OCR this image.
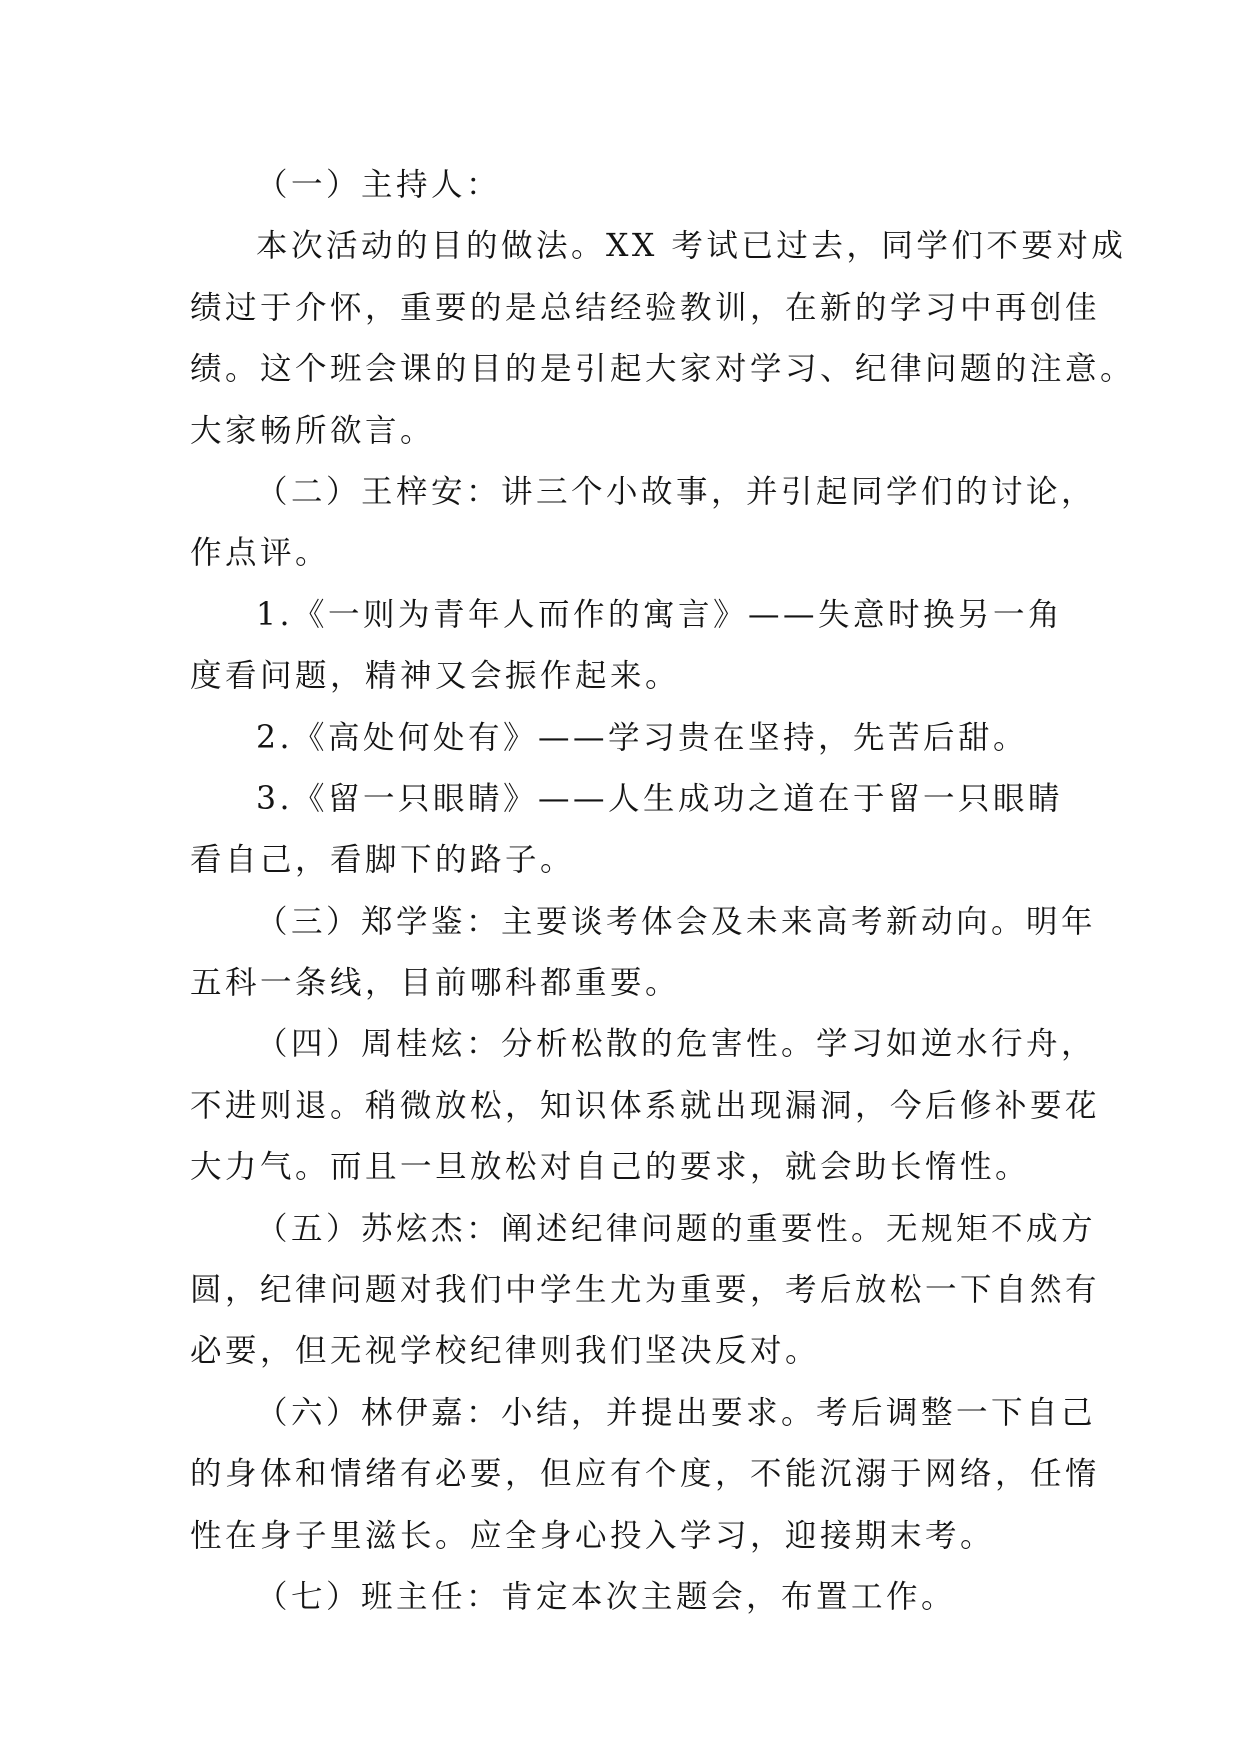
（一）主持人：
本次活动的目的做法。XX 考试已过去，同学们不要对成
绩过于介怀，重要的是总结经验教训，在新的学习中再创佳
绩。这个班会课的目的是引起大家对学习、纪律问题的注意。
大家畅所欲言。
（二）王梓安：讲三个小故事，并引起同学们的讨论，
作点评。
1.《一则为青年人而作的寓言》——失意时换另一角
度看问题，精神又会振作起来。
2.《高处何处有》——学习贵在坚持，先苦后甜。
3.《留一只眼睛》——人生成功之道在于留一只眼睛
看自己，看脚下的路子。
（三）郑学鉴：主要谈考体会及未来高考新动向。明年
五科一条线，目前哪科都重要。
（四）周桂炫：分析松散的危害性。学习如逆水行舟，
不进则退。稍微放松，知识体系就出现漏洞，今后修补要花
大力气。而且一旦放松对自己的要求，就会助长惰性。
（五）苏炫杰：阐述纪律问题的重要性。无规矩不成方
圆，纪律问题对我们中学生尤为重要，考后放松一下自然有
必要，但无视学校纪律则我们坚决反对。
（六）林伊嘉：小结，并提出要求。考后调整一下自己
的身体和情绪有必要，但应有个度，不能沉溺于网络，任惰
性在身子里滋长。应全身心投入学习，迎接期末考。
（七）班主任：肯定本次主题会，布置工作。
